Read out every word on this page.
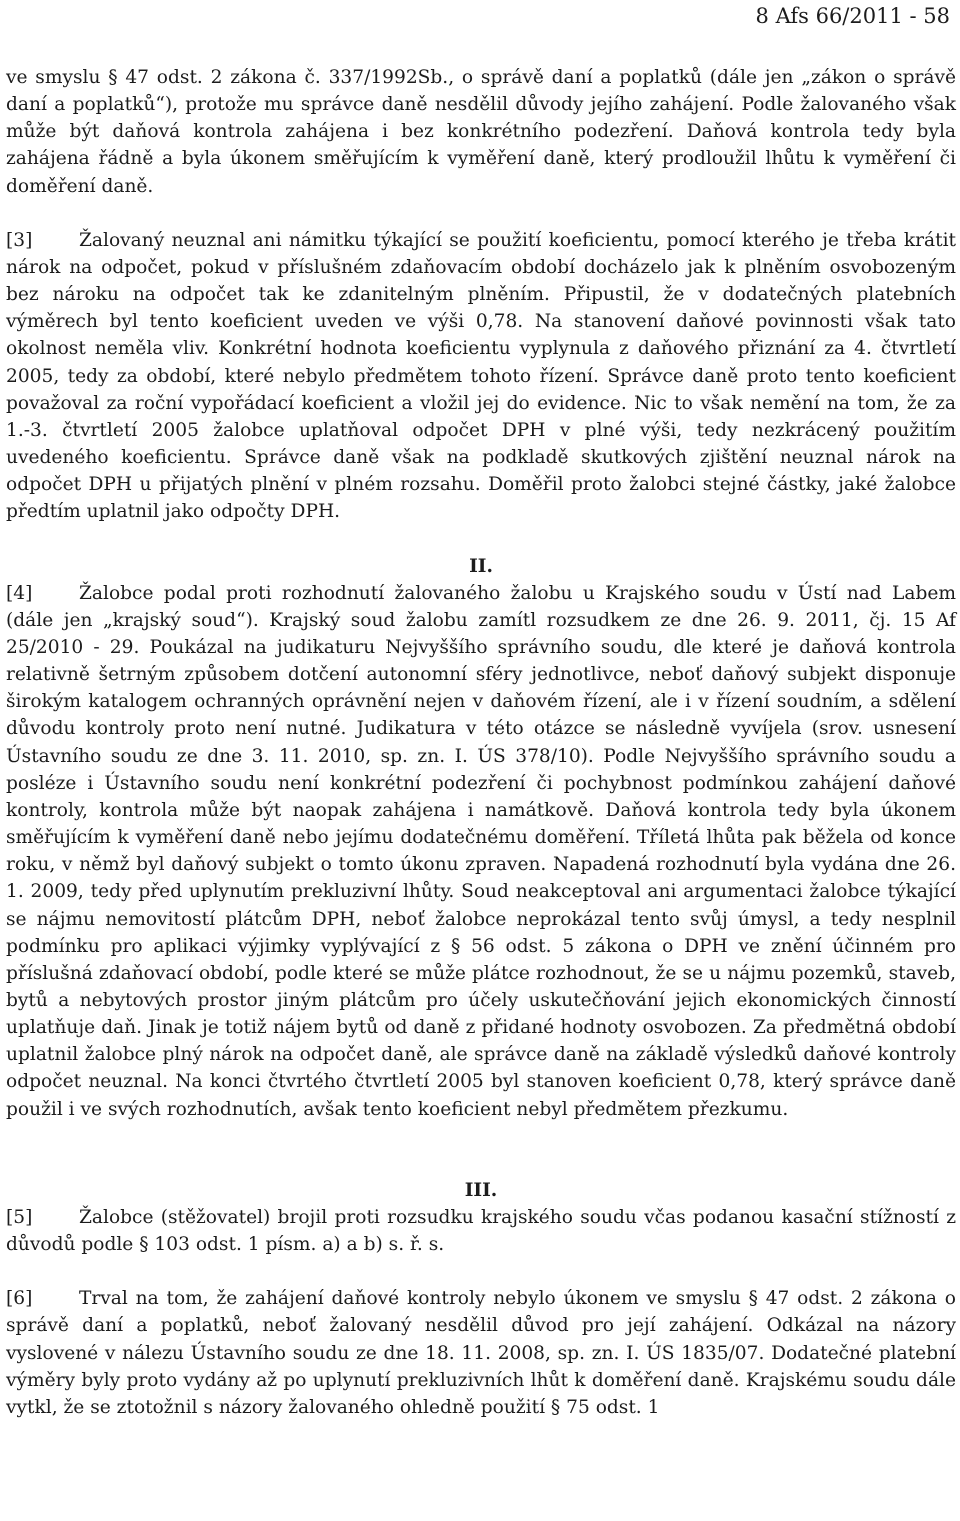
8 Afs 66/2011 - 58

ve smyslu § 47 odst. 2 zákona č. 337/1992Sb., o správě daní a poplatků (dále jen „zákon o správě daní a poplatků“), protože mu správce daně nesdělil důvody jejího zahájení. Podle žalovaného však může být daňová kontrola zahájena i bez konkrétního podezření. Daňová kontrola tedy byla zahájena řádně a byla úkonem směřujícím k vyměření daně, který prodloužil lhůtu k vyměření či doměření daně.

[3]	Žalovaný neuznal ani námitku týkající se použití koeficientu, pomocí kterého je třeba krátit nárok na odpočet, pokud v příslušném zdaňovacím období docházelo jak k plněním osvobozeným bez nároku na odpočet tak ke zdanitelným plněním. Připustil, že v dodatečných platebních výměrech byl tento koeficient uveden ve výši 0,78. Na stanovení daňové povinnosti však tato okolnost neměla vliv. Konkrétní hodnota koeficientu vyplynula z daňového přiznání za 4. čtvrtletí 2005, tedy za období, které nebylo předmětem tohoto řízení. Správce daně proto tento koeficient považoval za roční vypořádací koeficient a vložil jej do evidence. Nic to však nemění na tom, že za 1.-3. čtvrtletí 2005 žalobce uplatňoval odpočet DPH v plné výši, tedy nezkrácený použitím uvedeného koeficientu. Správce daně však na podkladě skutkových zjištění neuznal nárok na odpočet DPH u přijatých plnění v plném rozsahu. Doměřil proto žalobci stejné částky, jaké žalobce předtím uplatnil jako odpočty DPH.

II.

[4]	Žalobce podal proti rozhodnutí žalovaného žalobu u Krajského soudu v Ústí nad Labem (dále jen „krajský soud“). Krajský soud žalobu zamítl rozsudkem ze dne 26. 9. 2011, čj. 15 Af 25/2010 - 29. Poukázal na judikaturu Nejvyššího správního soudu, dle které je daňová kontrola relativně šetrným způsobem dotčení autonomní sféry jednotlivce, neboť daňový subjekt disponuje širokým katalogem ochranných oprávnění nejen v daňovém řízení, ale i v řízení soudním, a sdělení důvodu kontroly proto není nutné. Judikatura v této otázce se následně vyvíjela (srov. usnesení Ústavního soudu ze dne 3. 11. 2010, sp. zn. I. ÚS 378/10). Podle Nejvyššího správního soudu a posléze i Ústavního soudu není konkrétní podezření či pochybnost podmínkou zahájení daňové kontroly, kontrola může být naopak zahájena i namátkově. Daňová kontrola tedy byla úkonem směřujícím k vyměření daně nebo jejímu dodatečnému doměření. Tříletá lhůta pak běžela od konce roku, v němž byl daňový subjekt o tomto úkonu zpraven. Napadená rozhodnutí byla vydána dne 26. 1. 2009, tedy před uplynutím prekluzivní lhůty. Soud neakceptoval ani argumentaci žalobce týkající se nájmu nemovitostí plátcům DPH, neboť žalobce neprokázal tento svůj úmysl, a tedy nesplnil podmínku pro aplikaci výjimky vyplývající z § 56 odst. 5 zákona o DPH ve znění účinném pro příslušná zdaňovací období, podle které se může plátce rozhodnout, že se u nájmu pozemků, staveb, bytů a nebytových prostor jiným plátcům pro účely uskutečňování jejich ekonomických činností uplatňuje daň. Jinak je totiž nájem bytů od daně z přidané hodnoty osvobozen. Za předmětná období uplatnil žalobce plný nárok na odpočet daně, ale správce daně na základě výsledků daňové kontroly odpočet neuznal. Na konci čtvrtého čtvrtletí 2005 byl stanoven koeficient 0,78, který správce daně použil i ve svých rozhodnutích, avšak tento koeficient nebyl předmětem přezkumu.

III.

[5]	Žalobce (stěžovatel) brojil proti rozsudku krajského soudu včas podanou kasační stížností z důvodů podle § 103 odst. 1 písm. a) a b) s. ř. s.

[6]	Trval na tom, že zahájení daňové kontroly nebylo úkonem ve smyslu § 47 odst. 2 zákona o správě daní a poplatků, neboť žalovaný nesdělil důvod pro její zahájení. Odkázal na názory vyslovené v nálezu Ústavního soudu ze dne 18. 11. 2008, sp. zn. I. ÚS 1835/07. Dodatečné platební výměry byly proto vydány až po uplynutí prekluzivních lhůt k doměření daně. Krajskému soudu dále vytkl, že se ztotožnil s názory žalovaného ohledně použití § 75 odst. 1
